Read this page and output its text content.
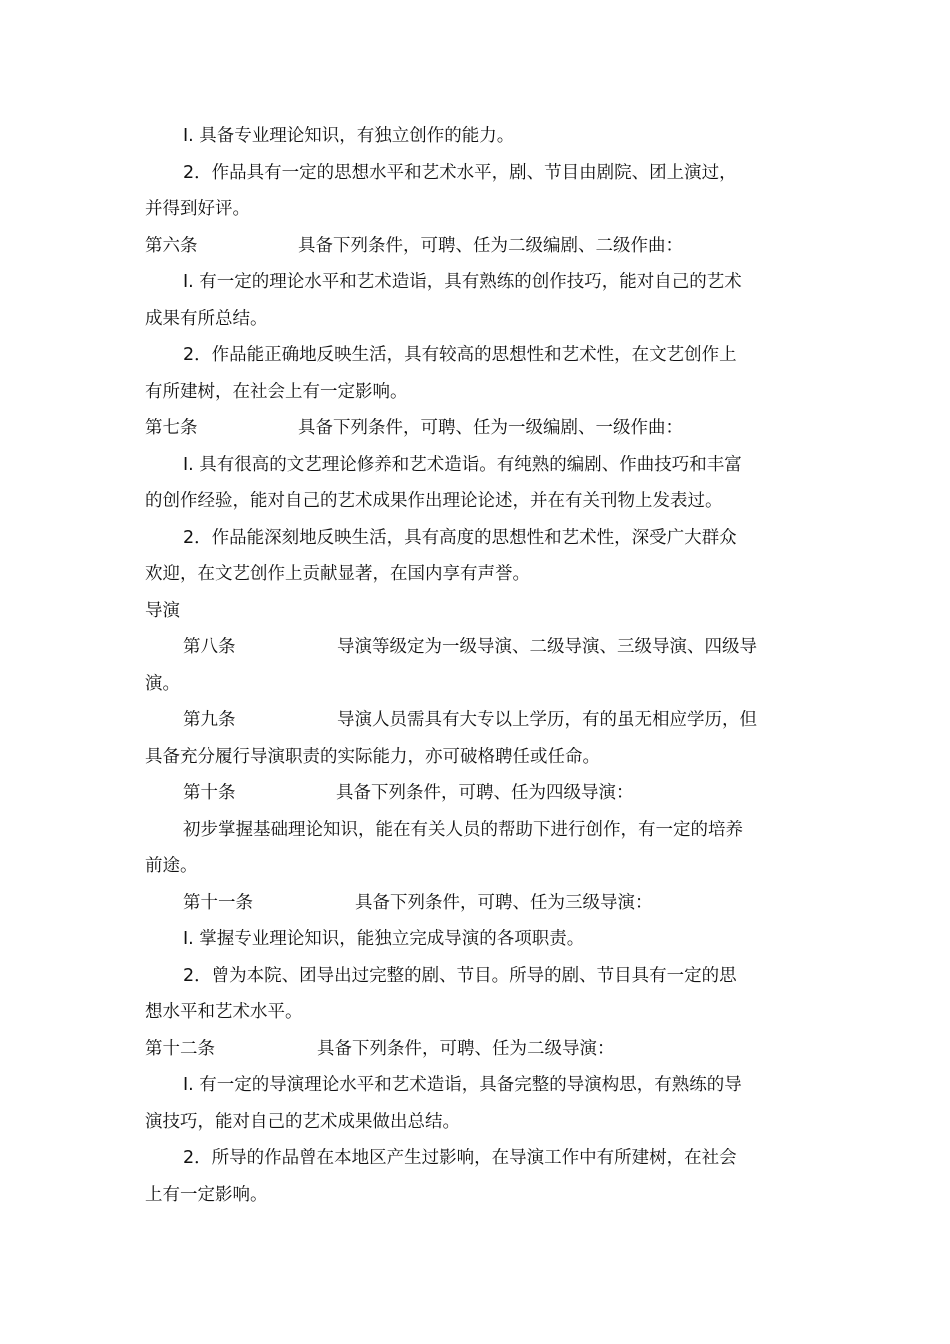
I. 具备专业理论知识，有独立创作的能力。

2．作品具有一定的思想水平和艺术水平，剧、节目由剧院、团上演过，

并得到好评。

第六条	具备下列条件，可聘、任为二级编剧、二级作曲：

I. 有一定的理论水平和艺术造诣，具有熟练的创作技巧，能对自己的艺术

成果有所总结。

2．作品能正确地反映生活，具有较高的思想性和艺术性，在文艺创作上

有所建树，在社会上有一定影响。

第七条	具备下列条件，可聘、任为一级编剧、一级作曲：

I. 具有很高的文艺理论修养和艺术造诣。有纯熟的编剧、作曲技巧和丰富

的创作经验，能对自己的艺术成果作出理论论述，并在有关刊物上发表过。

2．作品能深刻地反映生活，具有高度的思想性和艺术性，深受广大群众

欢迎，在文艺创作上贡献显著，在国内享有声誉。

导演

第八条	导演等级定为一级导演、二级导演、三级导演、四级导

演。

第九条	导演人员需具有大专以上学历，有的虽无相应学历，但

具备充分履行导演职责的实际能力，亦可破格聘任或任命。

第十条	具备下列条件，可聘、任为四级导演：

初步掌握基础理论知识，能在有关人员的帮助下进行创作，有一定的培养

前途。

第十一条	具备下列条件，可聘、任为三级导演：

I. 掌握专业理论知识，能独立完成导演的各项职责。

2．曾为本院、团导出过完整的剧、节目。所导的剧、节目具有一定的思

想水平和艺术水平。

第十二条	具备下列条件，可聘、任为二级导演：

I. 有一定的导演理论水平和艺术造诣，具备完整的导演构思，有熟练的导

演技巧，能对自己的艺术成果做出总结。

2．所导的作品曾在本地区产生过影响，在导演工作中有所建树，在社会

上有一定影响。
